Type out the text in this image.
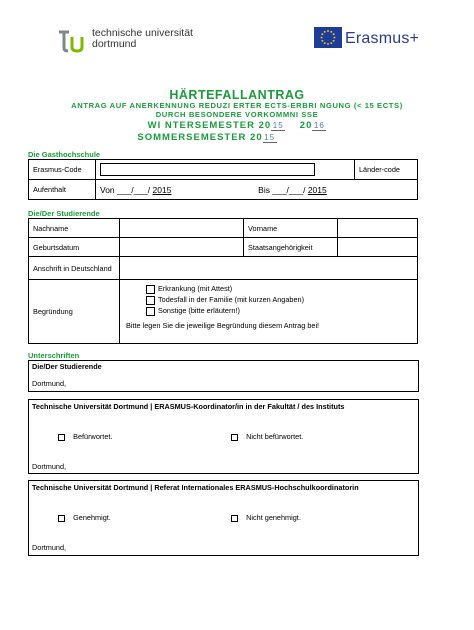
technische universität
dortmund	Erasmus+
HÄRTEFALLANTRAG
ANTRAG AUF ANERKENNUNG REDUZI ERTER ECTS-ERBRI NGUNG (< 15 ECTS)
DURCH BESONDERE VORKOMMNI SSE
WI NTERSEMESTER 20 15 20 16
SOMMERSEMESTER 20 15
Die Gasthochschule
Erasmus-Code		Länder-code
Aufenthalt	Von ___/___/ 2015 Bis ___/___/ 2015	
Die/Der Studierende
Nachname		Vorname	
Geburtsdatum		Staatsangehörigkeit	
Anschrift in Deutschland			
Begründung	Erkrankung (mit Attest)
Todesfall in der Familie (mit kurzen Angaben)
Sonstige (bitte erläutern!)
Bitte legen Sie die jeweilige Begründung diesem Antrag bei!		
Unterschriften
Die/Der Studierende
Dortmund,
Technische Universität Dortmund | ERASMUS-Koordinator/in in der Fakultät / des Instituts
Befürwortet.	Nicht befürwortet.
Dortmund,
Technische Universität Dortmund | Referat Internationales ERASMUS-Hochschulkoordinatorin
Genehmigt.	Nicht genehmigt.
Dortmund,
